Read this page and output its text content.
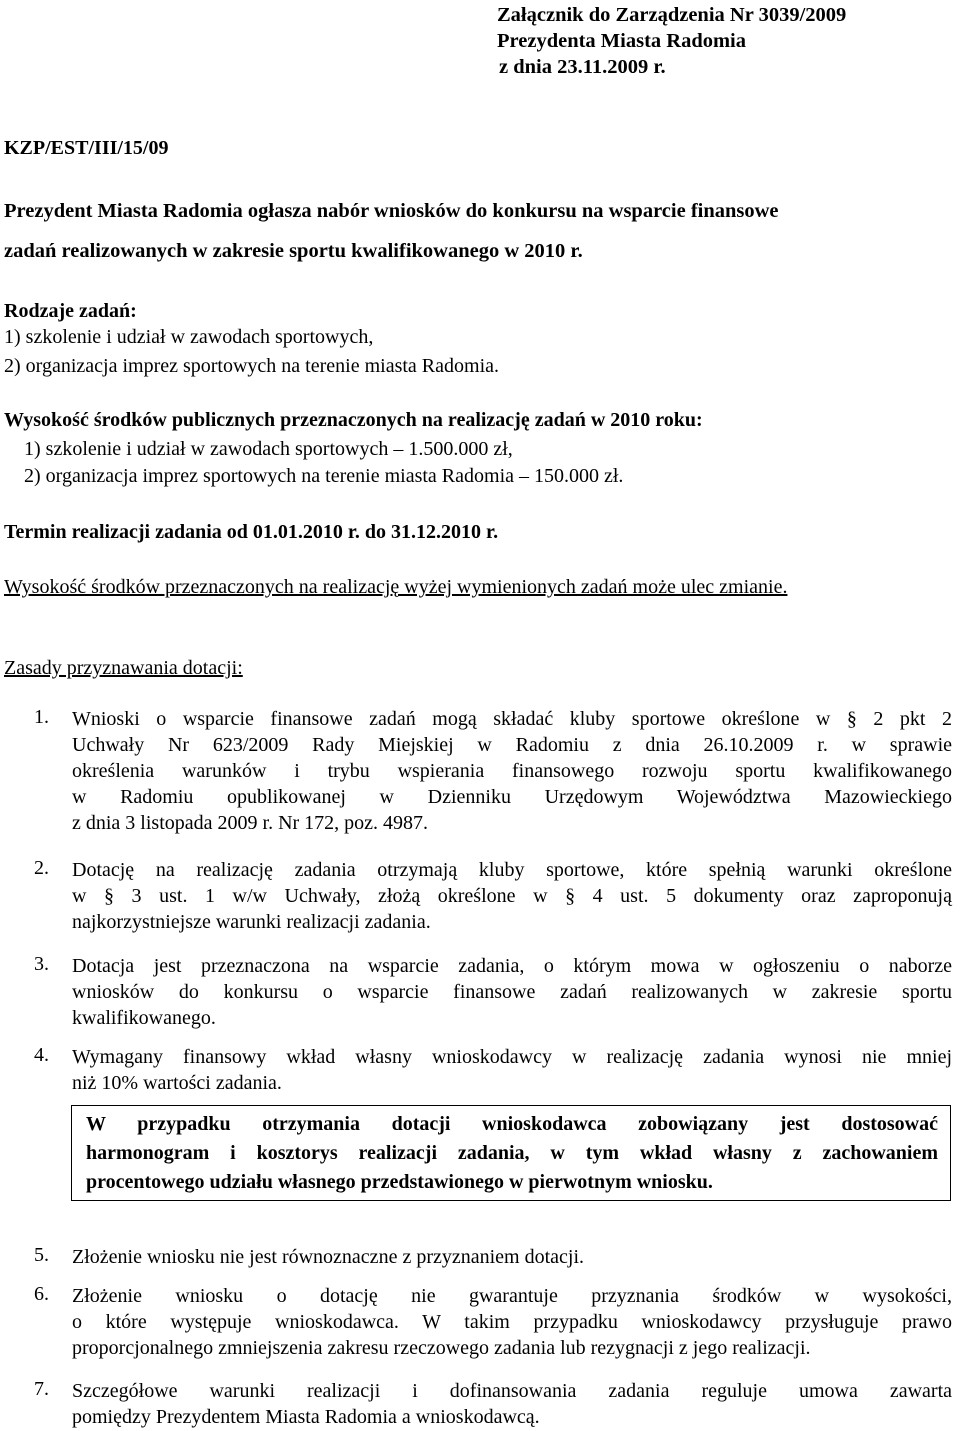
Załącznik do Zarządzenia Nr 3039/2009
Prezydenta Miasta Radomia
z dnia 23.11.2009 r.
KZP/EST/III/15/09
Prezydent Miasta Radomia ogłasza nabór wniosków do konkursu na wsparcie finansowe
zadań realizowanych w zakresie sportu kwalifikowanego w 2010 r.
Rodzaje zadań:
1) szkolenie i udział w zawodach sportowych,
2) organizacja imprez sportowych na terenie miasta Radomia.
Wysokość środków publicznych przeznaczonych na realizację zadań w 2010 roku:
1) szkolenie i udział w zawodach sportowych – 1.500.000 zł,
2) organizacja imprez sportowych na terenie miasta Radomia – 150.000 zł.
Termin realizacji zadania od 01.01.2010 r. do 31.12.2010 r.
Wysokość środków przeznaczonych na realizację wyżej wymienionych zadań może ulec zmianie.
Zasady przyznawania dotacji:
1. Wnioski o wsparcie finansowe zadań mogą składać kluby sportowe określone w § 2 pkt 2
Uchwały Nr 623/2009 Rady Miejskiej w Radomiu z dnia 26.10.2009 r. w sprawie
określenia warunków i trybu wspierania finansowego rozwoju sportu kwalifikowanego
w Radomiu opublikowanej w Dzienniku Urzędowym Województwa Mazowieckiego
z dnia 3 listopada 2009 r. Nr 172, poz. 4987.
2. Dotację na realizację zadania otrzymają kluby sportowe, które spełnią warunki określone
w § 3 ust. 1 w/w Uchwały, złożą określone w § 4 ust. 5 dokumenty oraz zaproponują
najkorzystniejsze warunki realizacji zadania.
3. Dotacja jest przeznaczona na wsparcie zadania, o którym mowa w ogłoszeniu o naborze
wniosków do konkursu o wsparcie finansowe zadań realizowanych w zakresie sportu
kwalifikowanego.
4. Wymagany finansowy wkład własny wnioskodawcy w realizację zadania wynosi nie mniej
niż 10% wartości zadania.
W przypadku otrzymania dotacji wnioskodawca zobowiązany jest dostosować
harmonogram i kosztorys realizacji zadania, w tym wkład własny z zachowaniem
procentowego udziału własnego przedstawionego w pierwotnym wniosku.
5. Złożenie wniosku nie jest równoznaczne z przyznaniem dotacji.
6. Złożenie wniosku o dotację nie gwarantuje przyznania środków w wysokości,
o które występuje wnioskodawca. W takim przypadku wnioskodawcy przysługuje prawo
proporcjonalnego zmniejszenia zakresu rzeczowego zadania lub rezygnacji z jego realizacji.
7. Szczegółowe warunki realizacji i dofinansowania zadania reguluje umowa zawarta
pomiędzy Prezydentem Miasta Radomia a wnioskodawcą.
